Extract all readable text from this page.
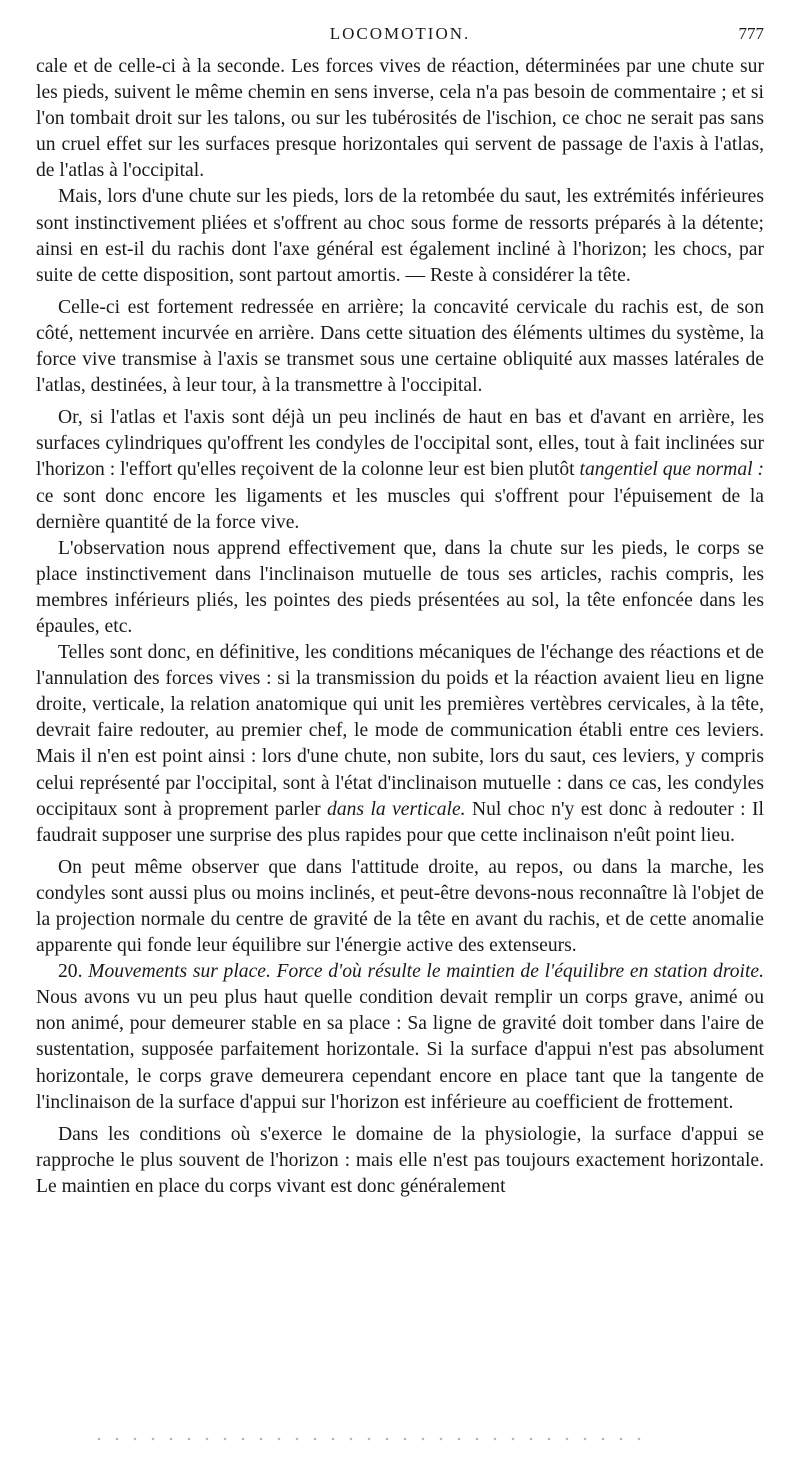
LOCOMOTION.	777

cale et de celle-ci à la seconde. Les forces vives de réaction, déterminées par une chute sur les pieds, suivent le même chemin en sens inverse, cela n'a pas besoin de commentaire ; et si l'on tombait droit sur les talons, ou sur les tubérosités de l'ischion, ce choc ne serait pas sans un cruel effet sur les surfaces presque horizontales qui servent de passage de l'axis à l'atlas, de l'atlas à l'occipital.

Mais, lors d'une chute sur les pieds, lors de la retombée du saut, les extrémités inférieures sont instinctivement pliées et s'offrent au choc sous forme de ressorts préparés à la détente; ainsi en est-il du rachis dont l'axe général est également incliné à l'horizon; les chocs, par suite de cette disposition, sont partout amortis. — Reste à considérer la tête.

Celle-ci est fortement redressée en arrière; la concavité cervicale du rachis est, de son côté, nettement incurvée en arrière. Dans cette situation des éléments ultimes du système, la force vive transmise à l'axis se transmet sous une certaine obliquité aux masses latérales de l'atlas, destinées, à leur tour, à la transmettre à l'occipital.

Or, si l'atlas et l'axis sont déjà un peu inclinés de haut en bas et d'avant en arrière, les surfaces cylindriques qu'offrent les condyles de l'occipital sont, elles, tout à fait inclinées sur l'horizon : l'effort qu'elles reçoivent de la colonne leur est bien plutôt tangentiel que normal : ce sont donc encore les ligaments et les muscles qui s'offrent pour l'épuisement de la dernière quantité de la force vive.

L'observation nous apprend effectivement que, dans la chute sur les pieds, le corps se place instinctivement dans l'inclinaison mutuelle de tous ses articles, rachis compris, les membres inférieurs pliés, les pointes des pieds présentées au sol, la tête enfoncée dans les épaules, etc.

Telles sont donc, en définitive, les conditions mécaniques de l'échange des réactions et de l'annulation des forces vives : si la transmission du poids et la réaction avaient lieu en ligne droite, verticale, la relation anatomique qui unit les premières vertèbres cervicales, à la tête, devrait faire redouter, au premier chef, le mode de communication établi entre ces leviers. Mais il n'en est point ainsi : lors d'une chute, non subite, lors du saut, ces leviers, y compris celui représenté par l'occipital, sont à l'état d'inclinaison mutuelle : dans ce cas, les condyles occipitaux sont à proprement parler dans la verticale. Nul choc n'y est donc à redouter : Il faudrait supposer une surprise des plus rapides pour que cette inclinaison n'eût point lieu.

On peut même observer que dans l'attitude droite, au repos, ou dans la marche, les condyles sont aussi plus ou moins inclinés, et peut-être devons-nous reconnaître là l'objet de la projection normale du centre de gravité de la tête en avant du rachis, et de cette anomalie apparente qui fonde leur équilibre sur l'énergie active des extenseurs.

20. Mouvements sur place. Force d'où résulte le maintien de l'équilibre en station droite. Nous avons vu un peu plus haut quelle condition devait remplir un corps grave, animé ou non animé, pour demeurer stable en sa place : Sa ligne de gravité doit tomber dans l'aire de sustentation, supposée parfaitement horizontale. Si la surface d'appui n'est pas absolument horizontale, le corps grave demeurera cependant encore en place tant que la tangente de l'inclinaison de la surface d'appui sur l'horizon est inférieure au coefficient de frottement.

Dans les conditions où s'exerce le domaine de la physiologie, la surface d'appui se rapproche le plus souvent de l'horizon : mais elle n'est pas toujours exactement horizontale. Le maintien en place du corps vivant est donc généralement
